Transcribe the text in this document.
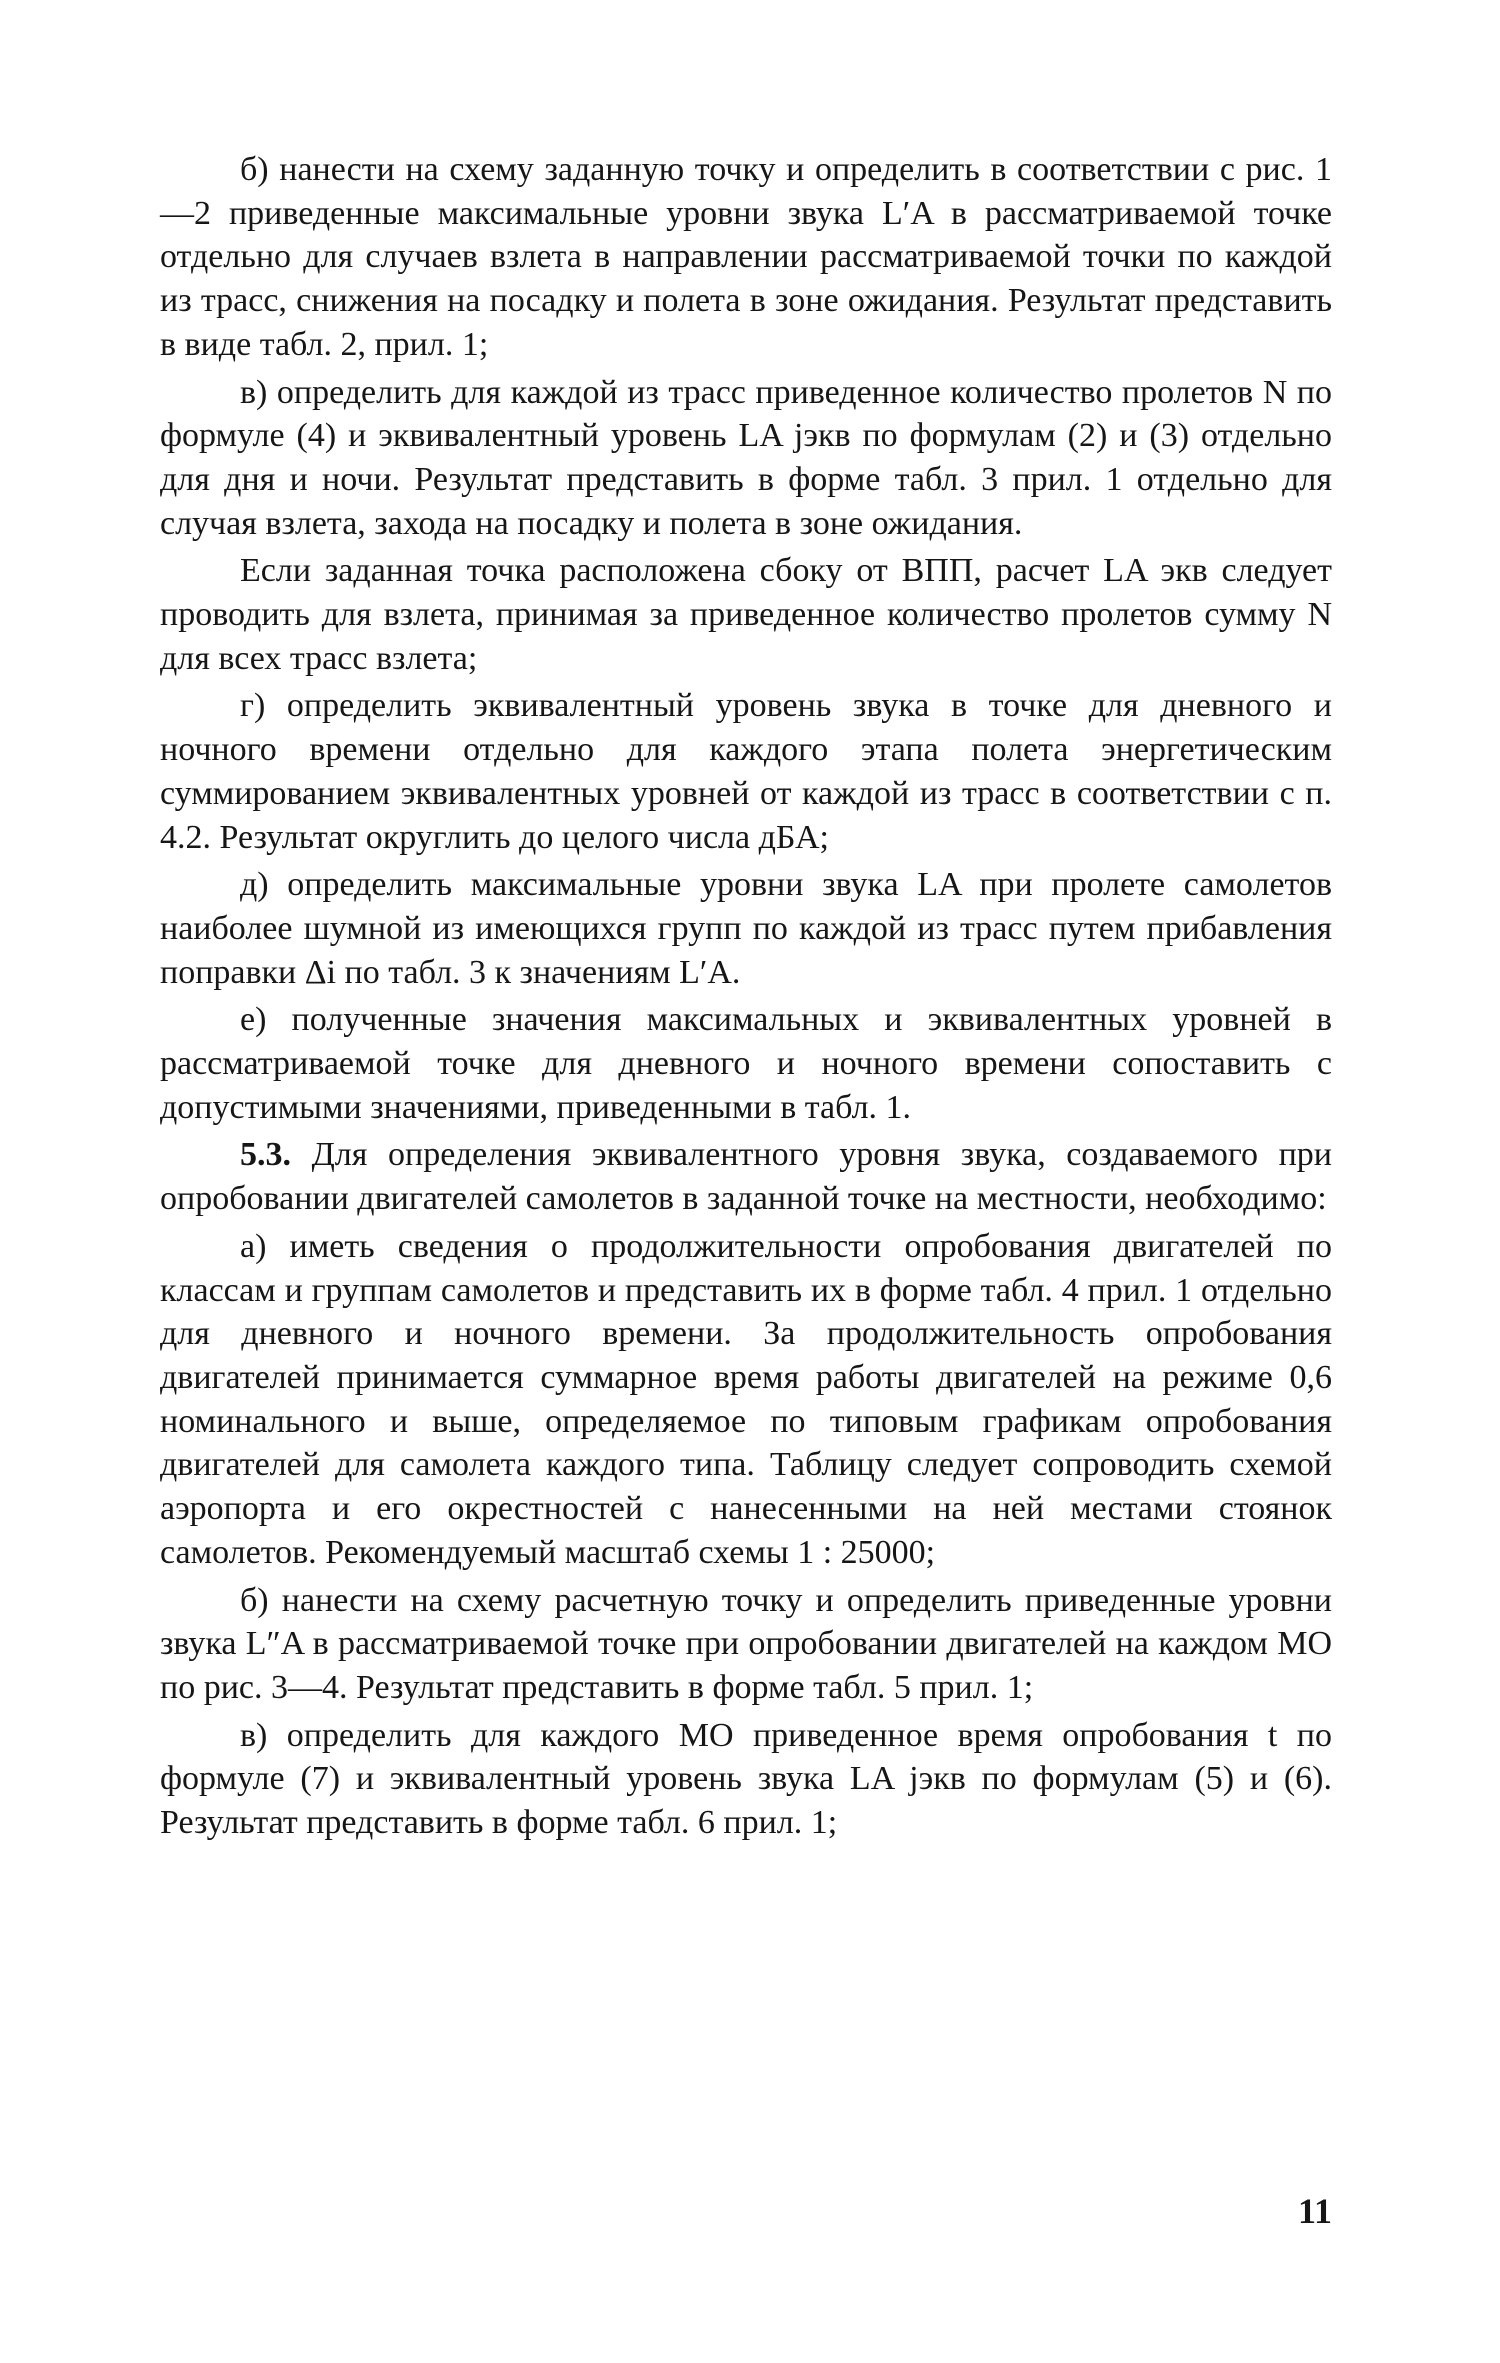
б) нанести на схему заданную точку и определить в соответствии с рис. 1—2 приведенные максимальные уровни звука L′A в рассматриваемой точке отдельно для случаев взлета в направлении рассматриваемой точки по каждой из трасс, снижения на посадку и полета в зоне ожидания. Результат представить в виде табл. 2, прил. 1;

в) определить для каждой из трасс приведенное количество пролетов N по формуле (4) и эквивалентный уровень LA jэкв по формулам (2) и (3) отдельно для дня и ночи. Результат представить в форме табл. 3 прил. 1 отдельно для случая взлета, захода на посадку и полета в зоне ожидания.

Если заданная точка расположена сбоку от ВПП, расчет LA экв следует проводить для взлета, принимая за приведенное количество пролетов сумму N для всех трасс взлета;

г) определить эквивалентный уровень звука в точке для дневного и ночного времени отдельно для каждого этапа полета энергетическим суммированием эквивалентных уровней от каждой из трасс в соответствии с п. 4.2. Результат округлить до целого числа дБА;

д) определить максимальные уровни звука LA при пролете самолетов наиболее шумной из имеющихся групп по каждой из трасс путем прибавления поправки Δi по табл. 3 к значениям L′A.

е) полученные значения максимальных и эквивалентных уровней в рассматриваемой точке для дневного и ночного времени сопоставить с допустимыми значениями, приведенными в табл. 1.

5.3. Для определения эквивалентного уровня звука, создаваемого при опробовании двигателей самолетов в заданной точке на местности, необходимо:

а) иметь сведения о продолжительности опробования двигателей по классам и группам самолетов и представить их в форме табл. 4 прил. 1 отдельно для дневного и ночного времени. За продолжительность опробования двигателей принимается суммарное время работы двигателей на режиме 0,6 номинального и выше, определяемое по типовым графикам опробования двигателей для самолета каждого типа. Таблицу следует сопроводить схемой аэропорта и его окрестностей с нанесенными на ней местами стоянок самолетов. Рекомендуемый масштаб схемы 1 : 25000;

б) нанести на схему расчетную точку и определить приведенные уровни звука L″A в рассматриваемой точке при опробовании двигателей на каждом МО по рис. 3—4. Результат представить в форме табл. 5 прил. 1;

в) определить для каждого МО приведенное время опробования t по формуле (7) и эквивалентный уровень звука LA jэкв по формулам (5) и (6). Результат представить в форме табл. 6 прил. 1;

11
